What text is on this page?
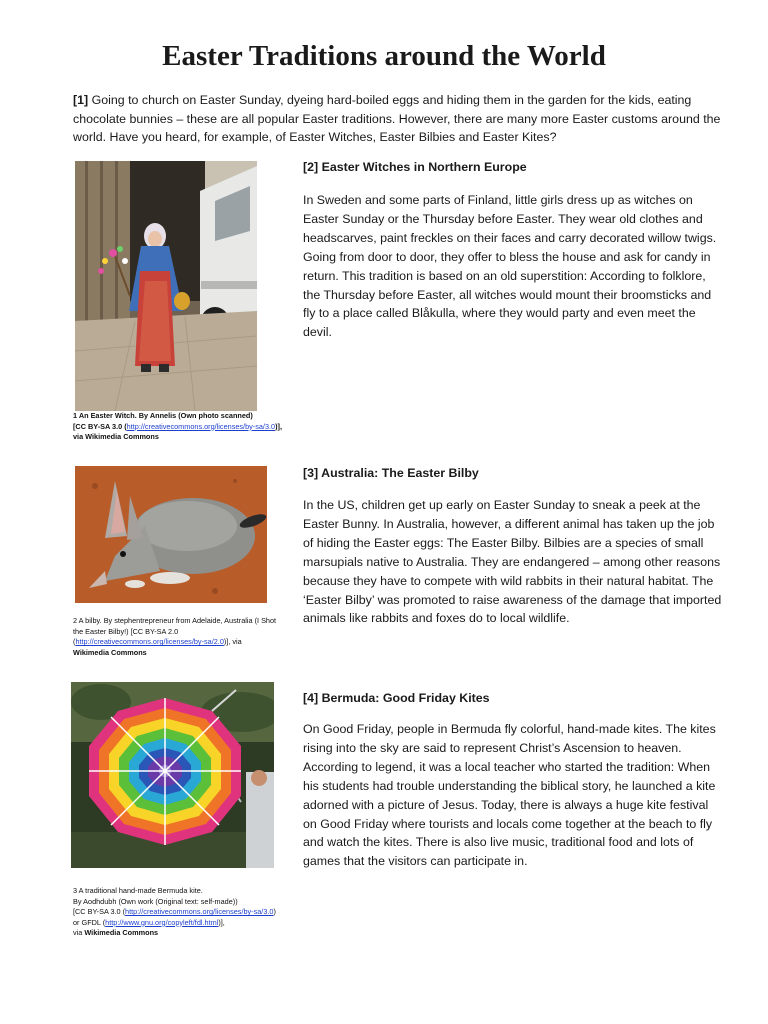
Easter Traditions around the World

[1] Going to church on Easter Sunday, dyeing hard-boiled eggs and hiding them in the garden for the kids, eating chocolate bunnies – these are all popular Easter traditions. However, there are many more Easter customs around the world. Have you heard, for example, of Easter Witches, Easter Bilbies and Easter Kites?

1 An Easter Witch. By Annelis (Own photo scanned)
[CC BY-SA 3.0 (http://creativecommons.org/licenses/by-sa/3.0)],
via Wikimedia Commons

[2] Easter Witches in Northern Europe

In Sweden and some parts of Finland, little girls dress up as witches on Easter Sunday or the Thursday before Easter. They wear old clothes and headscarves, paint freckles on their faces and carry decorated willow twigs. Going from door to door, they offer to bless the house and ask for candy in return. This tradition is based on an old superstition: According to folklore, the Thursday before Easter, all witches would mount their broomsticks and fly to a place called Blåkulla, where they would party and even meet the devil.

2 A bilby. By stephentrepreneur from Adelaide, Australia (I Shot the Easter Bilby!) [CC BY-SA 2.0 (http://creativecommons.org/licenses/by-sa/2.0)], via
Wikimedia Commons

[3] Australia: The Easter Bilby

In the US, children get up early on Easter Sunday to sneak a peek at the Easter Bunny. In Australia, however, a different animal has taken up the job of hiding the Easter eggs: The Easter Bilby. Bilbies are a species of small marsupials native to Australia. They are endangered – among other reasons because they have to compete with wild rabbits in their natural habitat. The ‘Easter Bilby’ was promoted to raise awareness of the damage that imported animals like rabbits and foxes do to local wildlife.

3 A traditional hand-made Bermuda kite.
By Aodhdubh (Own work (Original text: self-made))
[CC BY-SA 3.0 (http://creativecommons.org/licenses/by-sa/3.0)
or GFDL (http://www.gnu.org/copyleft/fdl.html)],
via Wikimedia Commons

[4] Bermuda: Good Friday Kites

On Good Friday, people in Bermuda fly colorful, hand-made kites. The kites rising into the sky are said to represent Christ’s Ascension to heaven. According to legend, it was a local teacher who started the tradition: When his students had trouble understanding the biblical story, he launched a kite adorned with a picture of Jesus. Today, there is always a huge kite festival on Good Friday where tourists and locals come together at the beach to fly and watch the kites. There is also live music, traditional food and lots of games that the visitors can participate in.
